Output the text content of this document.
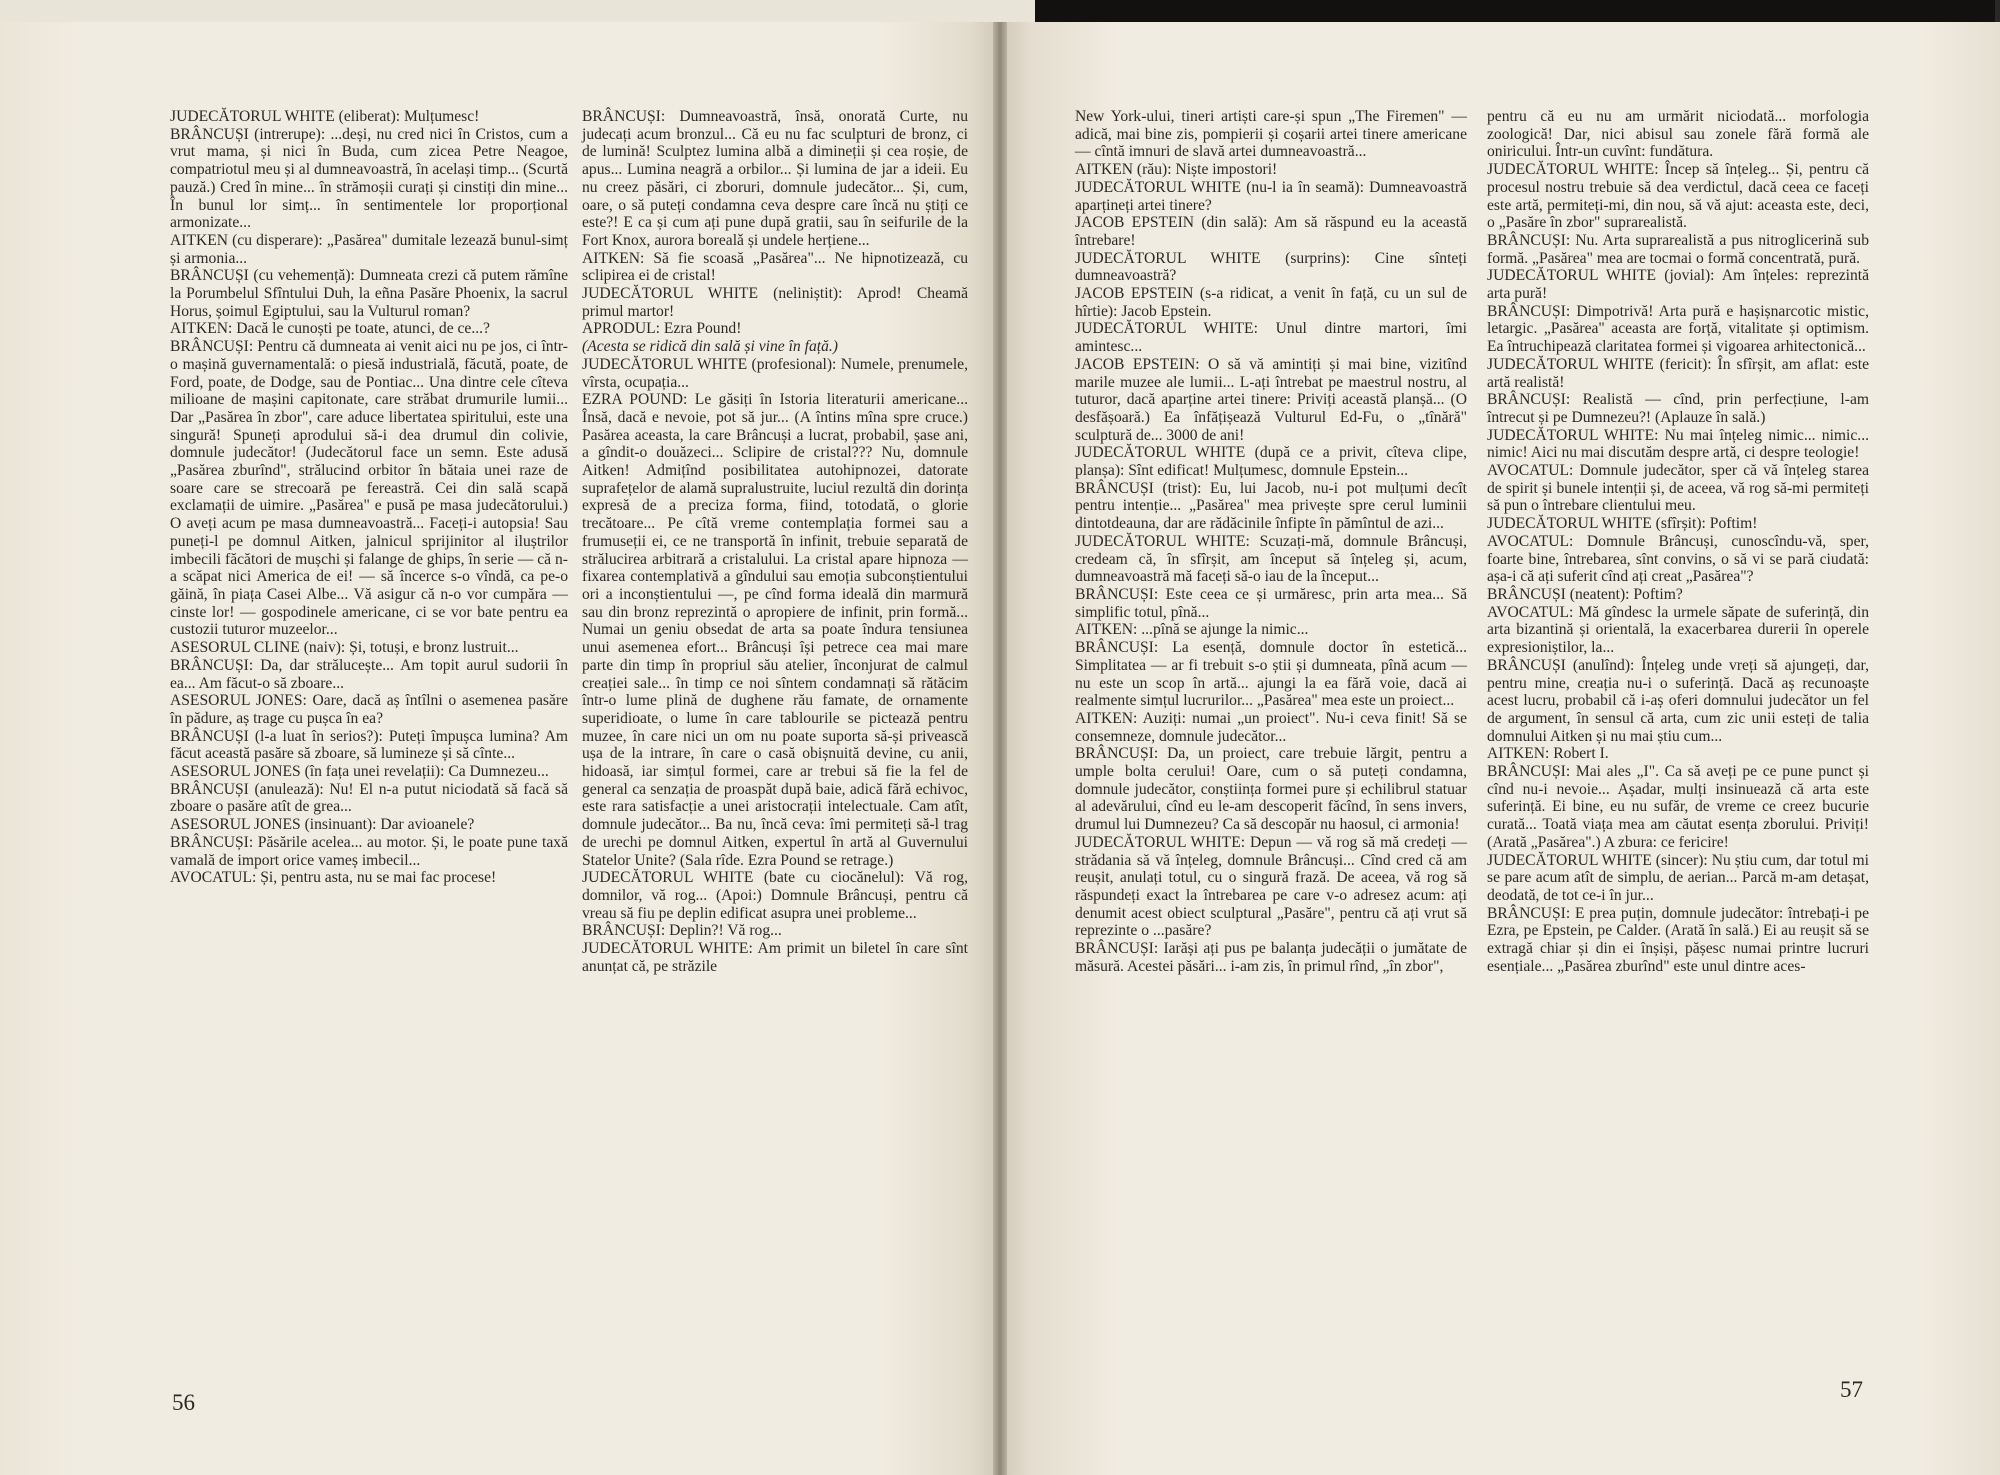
JUDECĂTORUL WHITE (eliberat): Mulțumesc!

BRÂNCUȘI (intrerupe): ...deși, nu cred nici în Cristos, cum a vrut mama, și nici în Buda, cum zicea Petre Neagoe, compatriotul meu și al dumneavoastră, în același timp... (Scurtă pauză.) Cred în mine... în strămoșii curați și cinstiți din mine... În bunul lor simț... în sentimentele lor proporțional armonizate...

AITKEN (cu disperare): „Pasărea" dumitale lezează bunul-simț și armonia...

BRÂNCUȘI (cu vehemență): Dumneata crezi că putem rămîne la Porumbelul Sfîntului Duh, la eñna Pasăre Phoenix, la sacrul Horus, șoimul Egiptului, sau la Vulturul roman?

AITKEN: Dacă le cunoști pe toate, atunci, de ce...?

BRÂNCUȘI: Pentru că dumneata ai venit aici nu pe jos, ci într-o mașină guvernamentală: o piesă industrială, făcută, poate, de Ford, poate, de Dodge, sau de Pontiac... Una dintre cele cîteva milioane de mașini capitonate, care străbat drumurile lumii... Dar „Pasărea în zbor", care aduce libertatea spiritului, este una singură! Spuneți aprodului să-i dea drumul din colivie, domnule judecător! (Judecătorul face un semn. Este adusă „Pasărea zburînd", strălucind orbitor în bătaia unei raze de soare care se strecoară pe fereastră. Cei din sală scapă exclamații de uimire. „Pasărea" e pusă pe masa judecătorului.) O aveți acum pe masa dumneavoastră... Faceți-i autopsia! Sau puneți-l pe domnul Aitken, jalnicul sprijinitor al iluștrilor imbecili făcători de mușchi și falange de ghips, în serie — că n-a scăpat nici America de ei! — să încerce s-o vîndă, ca pe-o găină, în piața Casei Albe... Vă asigur că n-o vor cumpăra — cinste lor! — gospodinele americane, ci se vor bate pentru ea custozii tuturor muzeelor...

ASESORUL CLINE (naiv): Și, totuși, e bronz lustruit...

BRÂNCUȘI: Da, dar strălucește... Am topit aurul sudorii în ea... Am făcut-o să zboare...

ASESORUL JONES: Oare, dacă aș întîlni o asemenea pasăre în pădure, aș trage cu pușca în ea?

BRÂNCUȘI (l-a luat în serios?): Puteți împușca lumina? Am făcut această pasăre să zboare, să lumineze și să cînte...

ASESORUL JONES (în fața unei revelații): Ca Dumnezeu...

BRÂNCUȘI (anulează): Nu! El n-a putut niciodată să facă să zboare o pasăre atît de grea...

ASESORUL JONES (insinuant): Dar avioanele?

BRÂNCUȘI: Păsările acelea... au motor. Și, le poate pune taxă vamală de import orice vameș imbecil...

AVOCATUL: Și, pentru asta, nu se mai fac procese!

BRÂNCUȘI: Dumneavoastră, însă, onorată Curte, nu judecați acum bronzul... Că eu nu fac sculpturi de bronz, ci de lumină! Sculptez lumina albă a dimineții și cea roșie, de apus... Lumina neagră a orbilor... Și lumina de jar a ideii. Eu nu creez păsări, ci zboruri, domnule judecător... Și, cum, oare, o să puteți condamna ceva despre care încă nu știți ce este?! E ca și cum ați pune după gratii, sau în seifurile de la Fort Knox, aurora borealǎ și undele herțiene...

AITKEN: Să fie scoasă „Pasărea"... Ne hipnotizează, cu sclipirea ei de cristal!

JUDECĂTORUL WHITE (neliniștit): Aprod! Cheamă primul martor!

APRODUL: Ezra Pound!

(Acesta se ridică din sală și vine în față.)

JUDECĂTORUL WHITE (profesional): Numele, prenumele, vîrsta, ocupația...

EZRA POUND: Le găsiți în Istoria literaturii americane... Însă, dacă e nevoie, pot să jur... (A întins mîna spre cruce.) Pasărea aceasta, la care Brâncuși a lucrat, probabil, șase ani, a gîndit-o douăzeci... Sclipire de cristal??? Nu, domnule Aitken! Admițînd posibilitatea autohipnozei, datorate suprafețelor de alamă supralustruite, luciul rezultă din dorința expresă de a preciza forma, fiind, totodată, o glorie trecătoare... Pe cîtă vreme contemplația formei sau a frumuseții ei, ce ne transportă în infinit, trebuie separată de strălucirea arbitrară a cristalului. La cristal apare hipnoza — fixarea contemplativă a gîndului sau emoția subconștientului ori a inconștientului —, pe cînd forma ideală din marmură sau din bronz reprezintă o apropiere de infinit, prin formă... Numai un geniu obsedat de arta sa poate îndura tensiunea unui asemenea efort... Brâncuși își petrece cea mai mare parte din timp în propriul său atelier, înconjurat de calmul creației sale... în timp ce noi sîntem condamnați să rătăcim într-o lume plină de dughene rău famate, de ornamente superidioate, o lume în care tablourile se pictează pentru muzee, în care nici un om nu poate suporta să-și privească ușa de la intrare, în care o casă obișnuită devine, cu anii, hidoasă, iar simțul formei, care ar trebui să fie la fel de general ca senzația de proaspăt după baie, adică fără echivoc, este rara satisfacție a unei aristocrații intelectuale. Cam atît, domnule judecător... Ba nu, încă ceva: îmi permiteți să-l trag de urechi pe domnul Aitken, expertul în artă al Guvernului Statelor Unite? (Sala rîde. Ezra Pound se retrage.)

JUDECĂTORUL WHITE (bate cu ciocănelul): Vă rog, domnilor, vă rog... (Apoi:) Domnule Brâncuși, pentru că vreau să fiu pe deplin edificat asupra unei probleme...

BRÂNCUȘI: Deplin?! Vă rog...

JUDECĂTORUL WHITE: Am primit un biletel în care sînt anunțat că, pe străzile

56

New York-ului, tineri artiști care-și spun „The Firemen" — adică, mai bine zis, pompierii și coșarii artei tinere americane — cîntă imnuri de slavă artei dumneavoastră...

AITKEN (rău): Niște impostori!

JUDECĂTORUL WHITE (nu-l ia în seamă): Dumneavoastră aparțineți artei tinere?

JACOB EPSTEIN (din sală): Am să răspund eu la această întrebare!

JUDECĂTORUL WHITE (surprins): Cine sînteți dumneavoastră?

JACOB EPSTEIN (s-a ridicat, a venit în față, cu un sul de hîrtie): Jacob Epstein.

JUDECĂTORUL WHITE: Unul dintre martori, îmi amintesc...

JACOB EPSTEIN: O să vă amintiți și mai bine, vizitînd marile muzee ale lumii... L-ați întrebat pe maestrul nostru, al tuturor, dacă aparține artei tinere: Priviți această planșă... (O desfășoară.) Ea înfățișează Vulturul Ed-Fu, o „tînără" sculptură de... 3000 de ani!

JUDECĂTORUL WHITE (după ce a privit, cîteva clipe, planșa): Sînt edificat! Mulțumesc, domnule Epstein...

BRÂNCUȘI (trist): Eu, lui Jacob, nu-i pot mulțumi decît pentru intenție... „Pasărea" mea privește spre cerul luminii dintotdeauna, dar are rădăcinile înfipte în pămîntul de azi...

JUDECĂTORUL WHITE: Scuzați-mă, domnule Brâncuși, credeam că, în sfîrșit, am început să înțeleg și, acum, dumneavoastră mă faceți să-o iau de la început...

BRÂNCUȘI: Este ceea ce și urmăresc, prin arta mea... Să simplific totul, pînă...

AITKEN: ...pînă se ajunge la nimic...

BRÂNCUȘI: La esență, domnule doctor în estetică... Simplitatea — ar fi trebuit s-o știi și dumneata, pînă acum — nu este un scop în artă... ajungi la ea fără voie, dacă ai realmente simțul lucrurilor... „Pasărea" mea este un proiect...

AITKEN: Auziți: numai „un proiect". Nu-i ceva finit! Să se consemneze, domnule judecător...

BRÂNCUȘI: Da, un proiect, care trebuie lărgit, pentru a umple bolta cerului! Oare, cum o să puteți condamna, domnule judecător, conștiința formei pure și echilibrul statuar al adevărului, cînd eu le-am descoperit făcînd, în sens invers, drumul lui Dumnezeu? Ca să descopăr nu haosul, ci armonia!

JUDECĂTORUL WHITE: Depun — vă rog să mă credeți — strădania să vă înțeleg, domnule Brâncuși... Cînd cred că am reușit, anulați totul, cu o singură frază. De aceea, vă rog să răspundeți exact la întrebarea pe care v-o adresez acum: ați denumit acest obiect sculptural „Pasăre", pentru că ați vrut să reprezinte o ...pasăre?

BRÂNCUȘI: Iarăși ați pus pe balanța judecății o jumătate de măsură. Acestei păsări... i-am zis, în primul rînd, „în zbor",

pentru că eu nu am urmărit niciodată... morfologia zoologică! Dar, nici abisul sau zonele fără formă ale oniricului. Într-un cuvînt: fundătura.

JUDECĂTORUL WHITE: Încep să înțeleg... Și, pentru că procesul nostru trebuie să dea verdictul, dacă ceea ce faceți este artă, permiteți-mi, din nou, să vă ajut: aceasta este, deci, o „Pasăre în zbor" suprarealistă.

BRÂNCUȘI: Nu. Arta suprarealistă a pus nitroglicerină sub formă. „Pasărea" mea are tocmai o formă concentrată, pură.

JUDECĂTORUL WHITE (jovial): Am înțeles: reprezintă arta pură!

BRÂNCUȘI: Dimpotrivă! Arta pură e hașișnarcotic mistic, letargic. „Pasărea" aceasta are forță, vitalitate și optimism. Ea întruchipează claritatea formei și vigoarea arhitectonică...

JUDECĂTORUL WHITE (fericit): În sfîrșit, am aflat: este artă realistă!

BRÂNCUȘI: Realistă — cînd, prin perfecțiune, l-am întrecut și pe Dumnezeu?! (Aplauze în sală.)

JUDECĂTORUL WHITE: Nu mai înțeleg nimic... nimic... nimic! Aici nu mai discutăm despre artă, ci despre teologie!

AVOCATUL: Domnule judecător, sper că vă înțeleg starea de spirit și bunele intenții și, de aceea, vă rog să-mi permiteți să pun o întrebare clientului meu.

JUDECĂTORUL WHITE (sfîrșit): Poftim!

AVOCATUL: Domnule Brâncuși, cunoscîndu-vă, sper, foarte bine, întrebarea, sînt convins, o să vi se pară ciudată: așa-i că ați suferit cînd ați creat „Pasărea"?

BRÂNCUȘI (neatent): Poftim?

AVOCATUL: Mă gîndesc la urmele săpate de suferință, din arta bizantină și orientală, la exacerbarea durerii în operele expresioniștilor, la...

BRÂNCUȘI (anulînd): Înțeleg unde vreți să ajungeți, dar, pentru mine, creația nu-i o suferință. Dacă aș recunoaște acest lucru, probabil că i-aș oferi domnului judecător un fel de argument, în sensul că arta, cum zic unii esteți de talia domnului Aitken și nu mai știu cum...

AITKEN: Robert I.

BRÂNCUȘI: Mai ales „I". Ca să aveți pe ce pune punct și cînd nu-i nevoie... Așadar, mulți insinuează că arta este suferință. Ei bine, eu nu sufăr, de vreme ce creez bucurie curată... Toată viața mea am căutat esența zborului. Priviți! (Arată „Pasărea".) A zbura: ce fericire!

JUDECĂTORUL WHITE (sincer): Nu știu cum, dar totul mi se pare acum atît de simplu, de aerian... Parcă m-am detașat, deodată, de tot ce-i în jur...

BRÂNCUȘI: E prea puțin, domnule judecător: întrebați-i pe Ezra, pe Epstein, pe Calder. (Arată în sală.) Ei au reușit să se extragă chiar și din ei înșiși, pășesc numai printre lucruri esențiale... „Pasărea zburînd" este unul dintre aces-

57
